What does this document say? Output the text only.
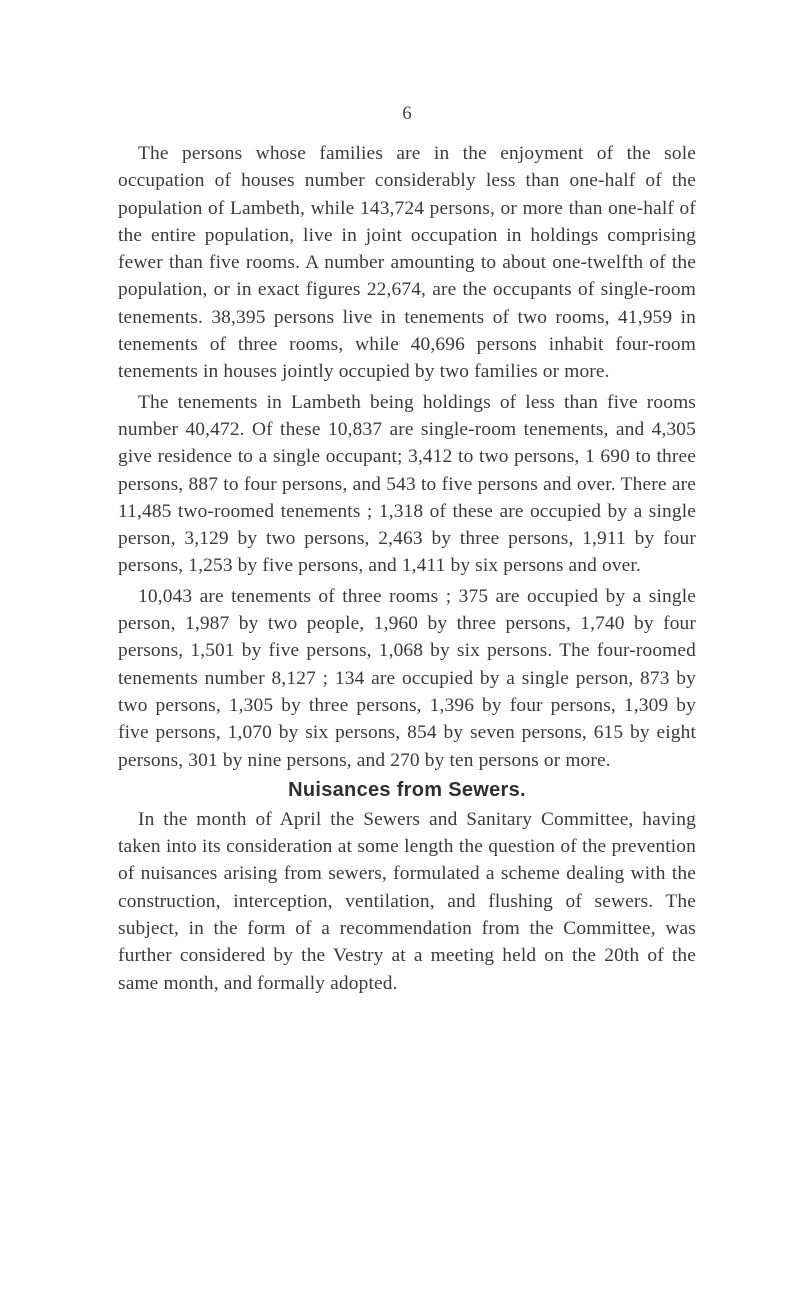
6

The persons whose families are in the enjoyment of the sole occupation of houses number considerably less than one-half of the population of Lambeth, while 143,724 persons, or more than one-half of the entire population, live in joint occupation in holdings comprising fewer than five rooms. A number amounting to about one-twelfth of the population, or in exact figures 22,674, are the occupants of single-room tenements. 38,395 persons live in tenements of two rooms, 41,959 in tenements of three rooms, while 40,696 persons inhabit four-room tenements in houses jointly occupied by two families or more.

The tenements in Lambeth being holdings of less than five rooms number 40,472. Of these 10,837 are single-room tenements, and 4,305 give residence to a single occupant; 3,412 to two persons, 1 690 to three persons, 887 to four persons, and 543 to five persons and over. There are 11,485 two-roomed tenements ; 1,318 of these are occupied by a single person, 3,129 by two persons, 2,463 by three persons, 1,911 by four persons, 1,253 by five persons, and 1,411 by six persons and over.

10,043 are tenements of three rooms ; 375 are occupied by a single person, 1,987 by two people, 1,960 by three persons, 1,740 by four persons, 1,501 by five persons, 1,068 by six persons. The four-roomed tenements number 8,127 ; 134 are occupied by a single person, 873 by two persons, 1,305 by three persons, 1,396 by four persons, 1,309 by five persons, 1,070 by six persons, 854 by seven persons, 615 by eight persons, 301 by nine persons, and 270 by ten persons or more.

Nuisances from Sewers.

In the month of April the Sewers and Sanitary Committee, having taken into its consideration at some length the question of the prevention of nuisances arising from sewers, formulated a scheme dealing with the construction, interception, ventilation, and flushing of sewers. The subject, in the form of a recommendation from the Committee, was further considered by the Vestry at a meeting held on the 20th of the same month, and formally adopted.
